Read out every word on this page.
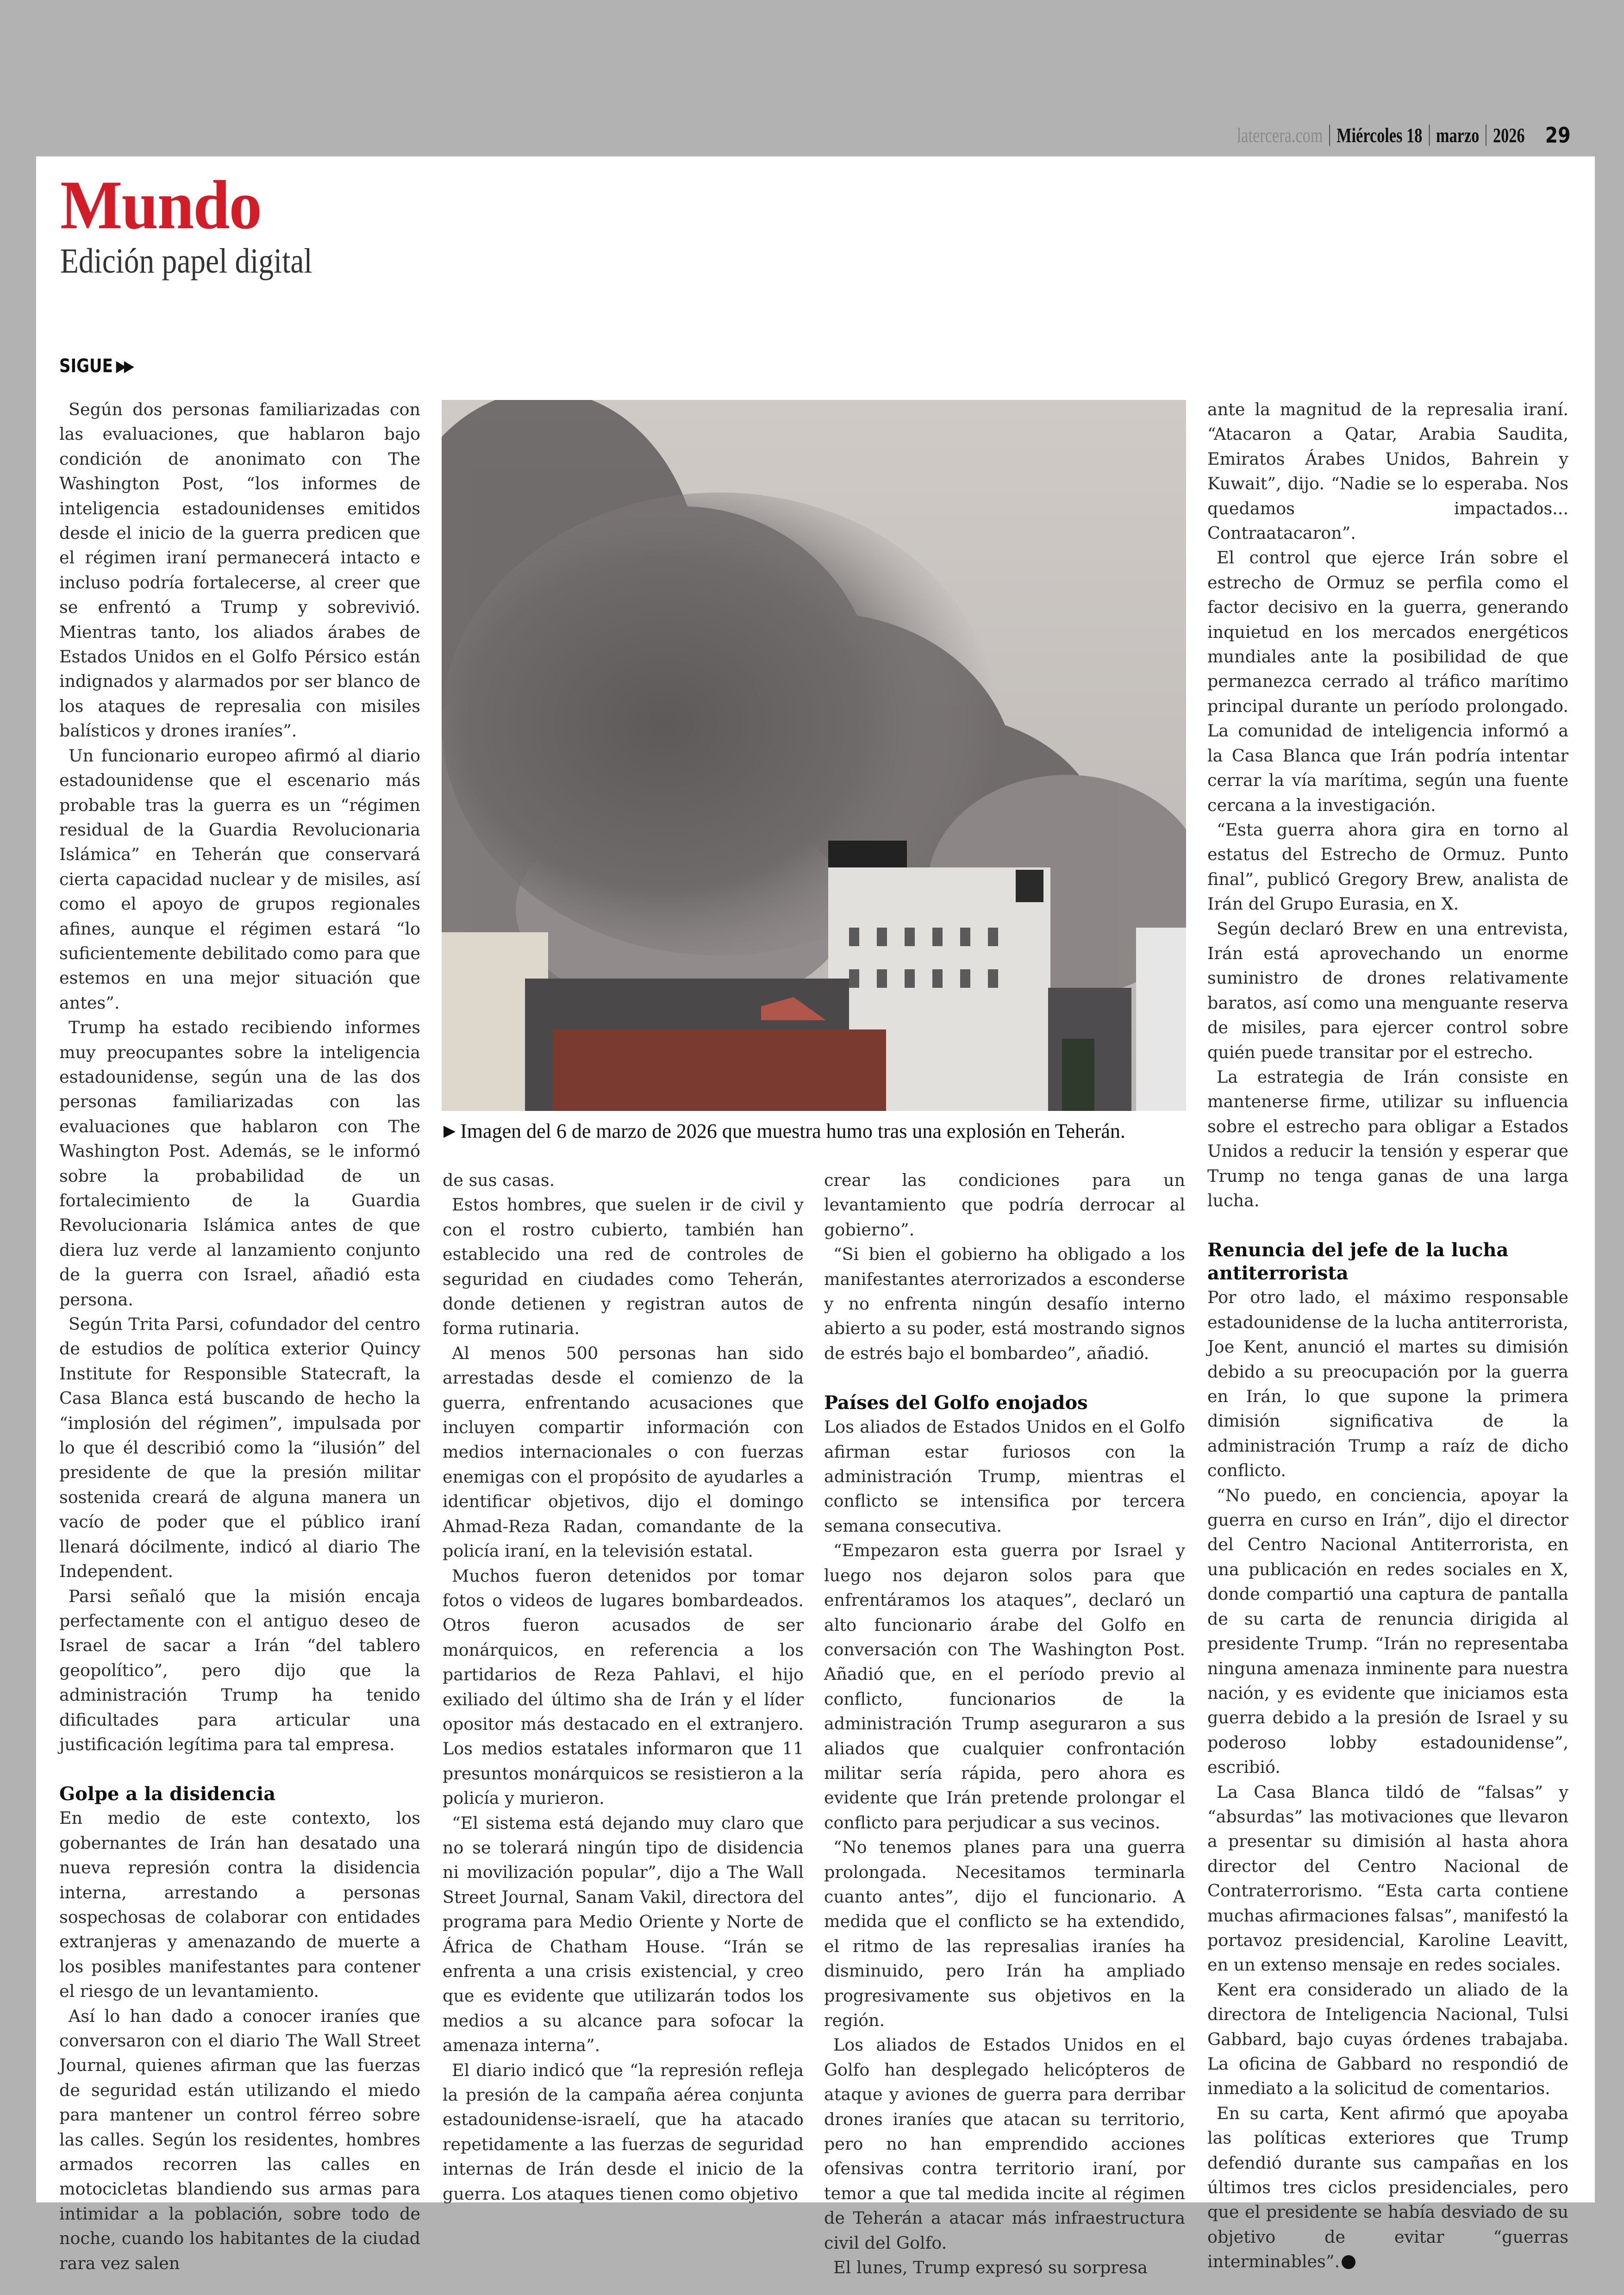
latercera.com Miércoles 18 marzo 2026 29
Mundo
Edición papel digital
SIGUE ▶▶

Según dos personas familiarizadas con las evaluaciones, que hablaron bajo condición de anonimato con The Washington Post, “los informes de inteligencia estadounidenses emitidos desde el inicio de la guerra predicen que el régimen iraní permanecerá intacto e incluso podría fortalecerse, al creer que se enfrentó a Trump y sobrevivió. Mientras tanto, los aliados árabes de Estados Unidos en el Golfo Pérsico están indignados y alarmados por ser blanco de los ataques de represalia con misiles balísticos y drones iraníes”.

Un funcionario europeo afirmó al diario estadounidense que el escenario más probable tras la guerra es un “régimen residual de la Guardia Revolucionaria Islámica” en Teherán que conservará cierta capacidad nuclear y de misiles, así como el apoyo de grupos regionales afines, aunque el régimen estará “lo suficientemente debilitado como para que estemos en una mejor situación que antes”.

Trump ha estado recibiendo informes muy preocupantes sobre la inteligencia estadounidense, según una de las dos personas familiarizadas con las evaluaciones que hablaron con The Washington Post. Además, se le informó sobre la probabilidad de un fortalecimiento de la Guardia Revolucionaria Islámica antes de que diera luz verde al lanzamiento conjunto de la guerra con Israel, añadió esta persona.

Según Trita Parsi, cofundador del centro de estudios de política exterior Quincy Institute for Responsible Statecraft, la Casa Blanca está buscando de hecho la “implosión del régimen”, impulsada por lo que él describió como la “ilusión” del presidente de que la presión militar sostenida creará de alguna manera un vacío de poder que el público iraní llenará dócilmente, indicó al diario The Independent.

Parsi señaló que la misión encaja perfectamente con el antiguo deseo de Israel de sacar a Irán “del tablero geopolítico”, pero dijo que la administración Trump ha tenido dificultades para articular una justificación legítima para tal empresa.

Golpe a la disidencia

En medio de este contexto, los gobernantes de Irán han desatado una nueva represión contra la disidencia interna, arrestando a personas sospechosas de colaborar con entidades extranjeras y amenazando de muerte a los posibles manifestantes para contener el riesgo de un levantamiento.

Así lo han dado a conocer iraníes que conversaron con el diario The Wall Street Journal, quienes afirman que las fuerzas de seguridad están utilizando el miedo para mantener un control férreo sobre las calles. Según los residentes, hombres armados recorren las calles en motocicletas blandiendo sus armas para intimidar a la población, sobre todo de noche, cuando los habitantes de la ciudad rara vez salen

▶ Imagen del 6 de marzo de 2026 que muestra humo tras una explosión en Teherán.

de sus casas.

Estos hombres, que suelen ir de civil y con el rostro cubierto, también han establecido una red de controles de seguridad en ciudades como Teherán, donde detienen y registran autos de forma rutinaria.

Al menos 500 personas han sido arrestadas desde el comienzo de la guerra, enfrentando acusaciones que incluyen compartir información con medios internacionales o con fuerzas enemigas con el propósito de ayudarles a identificar objetivos, dijo el domingo Ahmad-Reza Radan, comandante de la policía iraní, en la televisión estatal.

Muchos fueron detenidos por tomar fotos o videos de lugares bombardeados. Otros fueron acusados de ser monárquicos, en referencia a los partidarios de Reza Pahlavi, el hijo exiliado del último sha de Irán y el líder opositor más destacado en el extranjero. Los medios estatales informaron que 11 presuntos monárquicos se resistieron a la policía y murieron.

“El sistema está dejando muy claro que no se tolerará ningún tipo de disidencia ni movilización popular”, dijo a The Wall Street Journal, Sanam Vakil, directora del programa para Medio Oriente y Norte de África de Chatham House. “Irán se enfrenta a una crisis existencial, y creo que es evidente que utilizarán todos los medios a su alcance para sofocar la amenaza interna”.

El diario indicó que “la represión refleja la presión de la campaña aérea conjunta estadounidense-israelí, que ha atacado repetidamente a las fuerzas de seguridad internas de Irán desde el inicio de la guerra. Los ataques tienen como objetivo

crear las condiciones para un levantamiento que podría derrocar al gobierno”.

“Si bien el gobierno ha obligado a los manifestantes aterrorizados a esconderse y no enfrenta ningún desafío interno abierto a su poder, está mostrando signos de estrés bajo el bombardeo”, añadió.

Países del Golfo enojados

Los aliados de Estados Unidos en el Golfo afirman estar furiosos con la administración Trump, mientras el conflicto se intensifica por tercera semana consecutiva.

“Empezaron esta guerra por Israel y luego nos dejaron solos para que enfrentáramos los ataques”, declaró un alto funcionario árabe del Golfo en conversación con The Washington Post. Añadió que, en el período previo al conflicto, funcionarios de la administración Trump aseguraron a sus aliados que cualquier confrontación militar sería rápida, pero ahora es evidente que Irán pretende prolongar el conflicto para perjudicar a sus vecinos.

“No tenemos planes para una guerra prolongada. Necesitamos terminarla cuanto antes”, dijo el funcionario. A medida que el conflicto se ha extendido, el ritmo de las represalias iraníes ha disminuido, pero Irán ha ampliado progresivamente sus objetivos en la región.

Los aliados de Estados Unidos en el Golfo han desplegado helicópteros de ataque y aviones de guerra para derribar drones iraníes que atacan su territorio, pero no han emprendido acciones ofensivas contra territorio iraní, por temor a que tal medida incite al régimen de Teherán a atacar más infraestructura civil del Golfo.

El lunes, Trump expresó su sorpresa

ante la magnitud de la represalia iraní. “Atacaron a Qatar, Arabia Saudita, Emiratos Árabes Unidos, Bahrein y Kuwait”, dijo. “Nadie se lo esperaba. Nos quedamos impactados... Contraatacaron”.

El control que ejerce Irán sobre el estrecho de Ormuz se perfila como el factor decisivo en la guerra, generando inquietud en los mercados energéticos mundiales ante la posibilidad de que permanezca cerrado al tráfico marítimo principal durante un período prolongado. La comunidad de inteligencia informó a la Casa Blanca que Irán podría intentar cerrar la vía marítima, según una fuente cercana a la investigación.

“Esta guerra ahora gira en torno al estatus del Estrecho de Ormuz. Punto final”, publicó Gregory Brew, analista de Irán del Grupo Eurasia, en X.

Según declaró Brew en una entrevista, Irán está aprovechando un enorme suministro de drones relativamente baratos, así como una menguante reserva de misiles, para ejercer control sobre quién puede transitar por el estrecho.

La estrategia de Irán consiste en mantenerse firme, utilizar su influencia sobre el estrecho para obligar a Estados Unidos a reducir la tensión y esperar que Trump no tenga ganas de una larga lucha.

Renuncia del jefe de la lucha antiterrorista

Por otro lado, el máximo responsable estadounidense de la lucha antiterrorista, Joe Kent, anunció el martes su dimisión debido a su preocupación por la guerra en Irán, lo que supone la primera dimisión significativa de la administración Trump a raíz de dicho conflicto.

“No puedo, en conciencia, apoyar la guerra en curso en Irán”, dijo el director del Centro Nacional Antiterrorista, en una publicación en redes sociales en X, donde compartió una captura de pantalla de su carta de renuncia dirigida al presidente Trump. “Irán no representaba ninguna amenaza inminente para nuestra nación, y es evidente que iniciamos esta guerra debido a la presión de Israel y su poderoso lobby estadounidense”, escribió.

La Casa Blanca tildó de “falsas” y “absurdas” las motivaciones que llevaron a presentar su dimisión al hasta ahora director del Centro Nacional de Contraterrorismo. “Esta carta contiene muchas afirmaciones falsas”, manifestó la portavoz presidencial, Karoline Leavitt, en un extenso mensaje en redes sociales.

Kent era considerado un aliado de la directora de Inteligencia Nacional, Tulsi Gabbard, bajo cuyas órdenes trabajaba. La oficina de Gabbard no respondió de inmediato a la solicitud de comentarios.

En su carta, Kent afirmó que apoyaba las políticas exteriores que Trump defendió durante sus campañas en los últimos tres ciclos presidenciales, pero que el presidente se había desviado de su objetivo de evitar “guerras interminables”.
